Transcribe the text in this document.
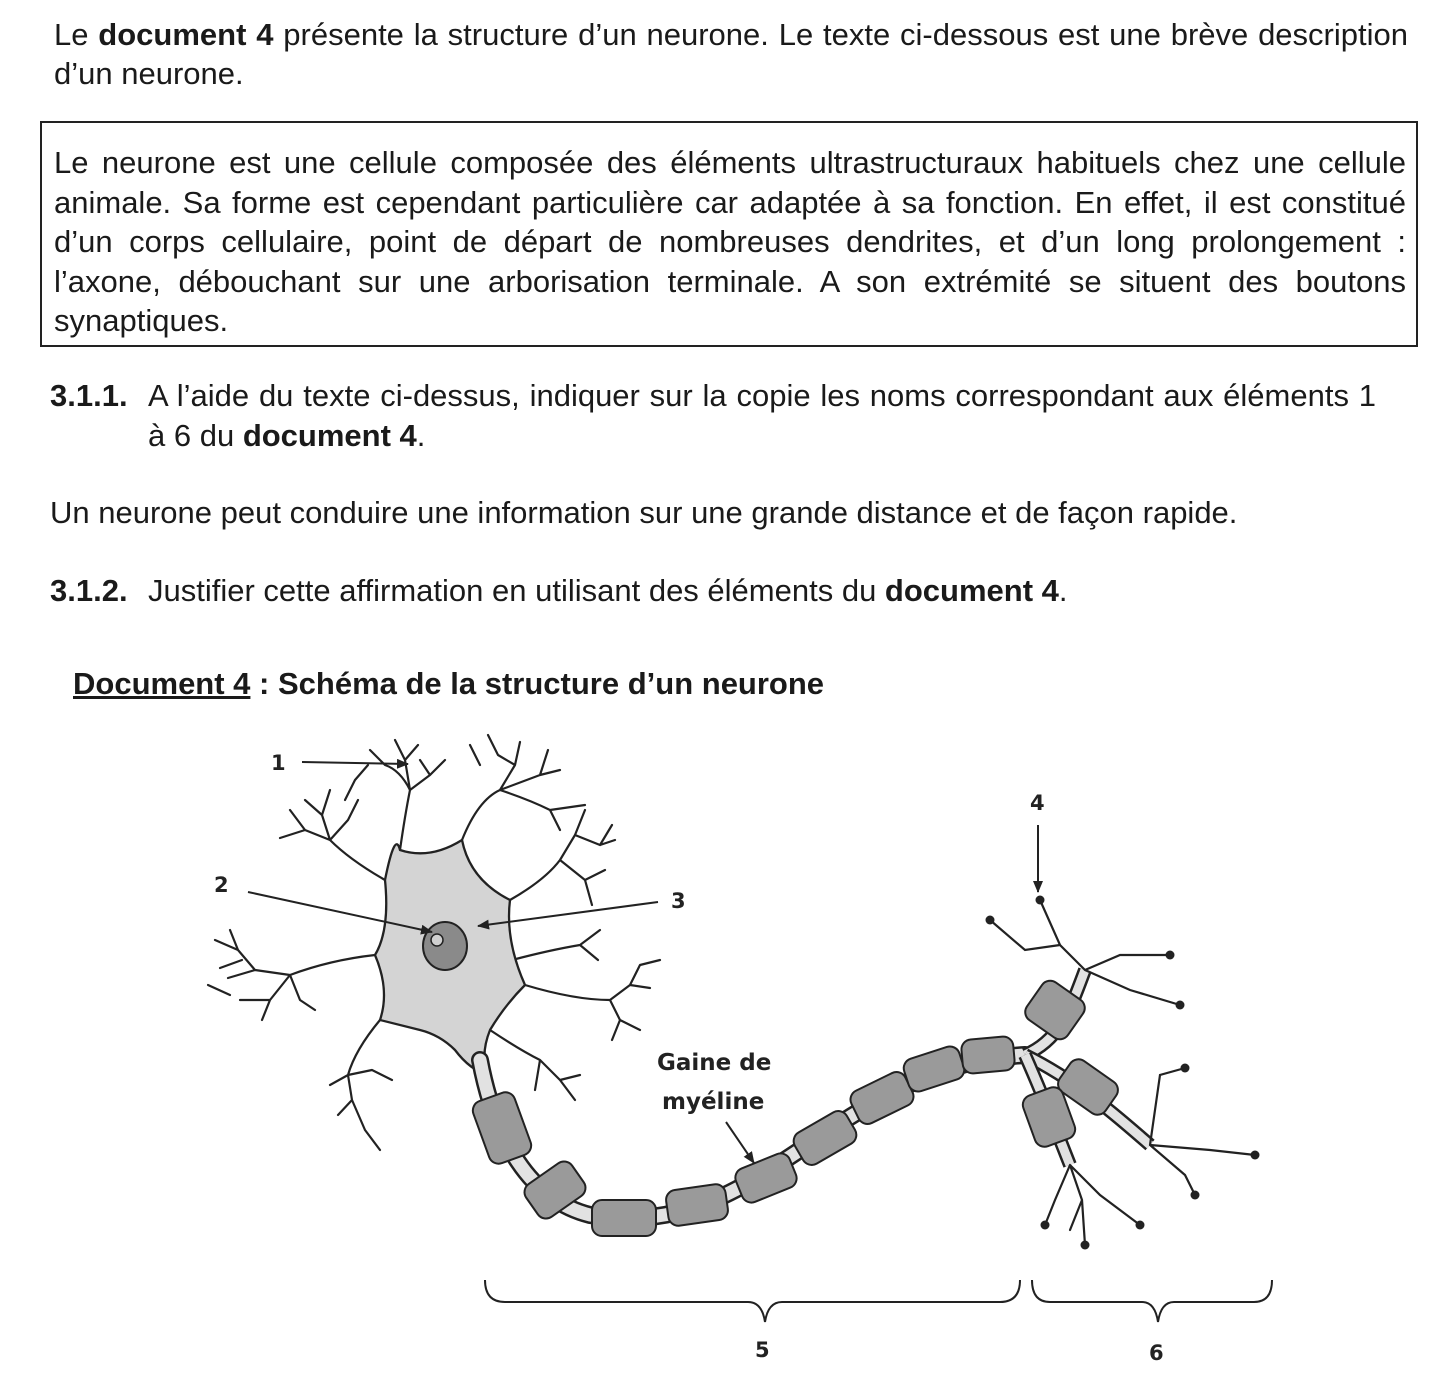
Le document 4 présente la structure d’un neurone. Le texte ci-dessous est une brève description d’un neurone.
Le neurone est une cellule composée des éléments ultrastructuraux habituels chez une cellule animale. Sa forme est cependant particulière car adaptée à sa fonction. En effet, il est constitué d’un corps cellulaire, point de départ de nombreuses dendrites, et d’un long prolongement : l’axone, débouchant sur une arborisation terminale. A son extrémité se situent des boutons synaptiques.
3.1.1. A l’aide du texte ci-dessus, indiquer sur la copie les noms correspondant aux éléments 1 à 6 du document 4.
Un neurone peut conduire une information sur une grande distance et de façon rapide.
3.1.2. Justifier cette affirmation en utilisant des éléments du document 4.
Document 4 : Schéma de la structure d’un neurone
1
2
3
4
5	6
Gaine de
myéline
